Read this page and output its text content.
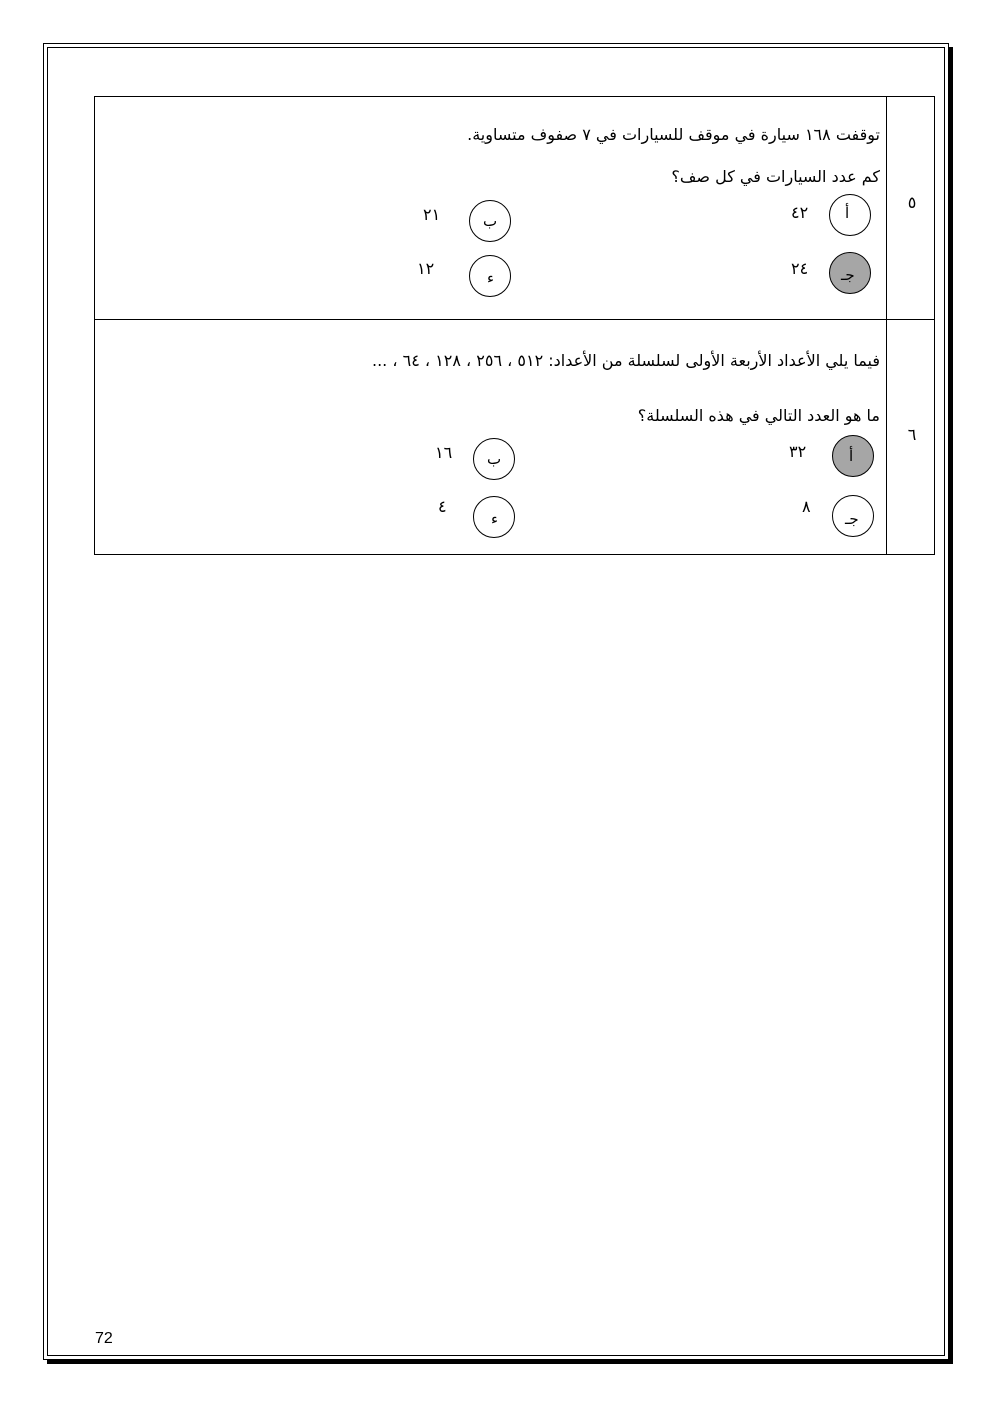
٥
توقفت ١٦٨ سيارة في موقف للسيارات في ٧ صفوف متساوية.
كم عدد السيارات في كل صف؟
أ
٤٢
ب
٢١
جـ
٢٤
ء
١٢
٦
فيما يلي الأعداد الأربعة الأولى لسلسلة من الأعداد: ٥١٢ ، ٢٥٦ ، ١٢٨ ، ٦٤ ، ...
ما هو العدد التالي في هذه السلسلة؟
أ
٣٢
ب
١٦
جـ
٨
ء
٤
72
